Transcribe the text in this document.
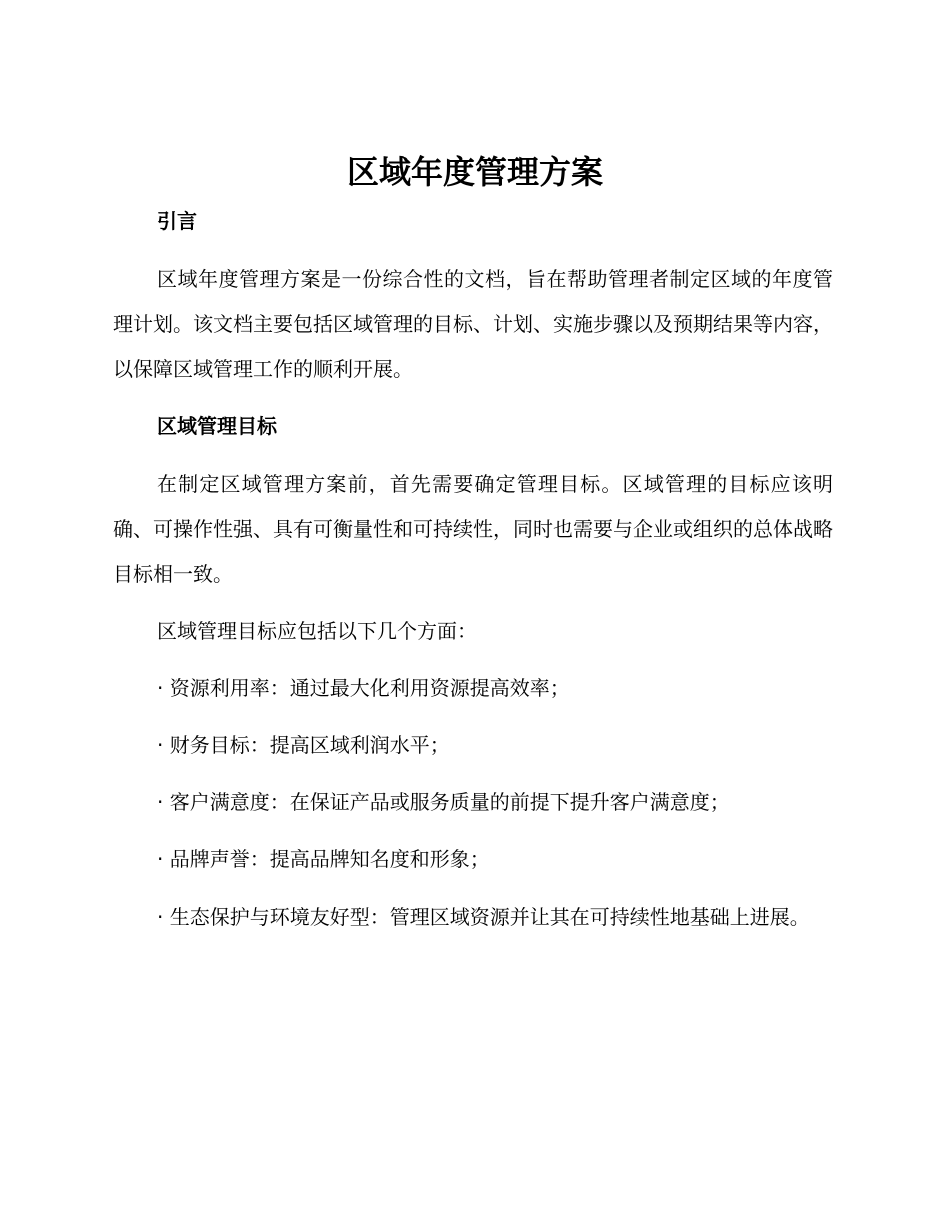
区域年度管理方案
引言

区域年度管理方案是一份综合性的文档，旨在帮助管理者制定区域的年度管理计划。该文档主要包括区域管理的目标、计划、实施步骤以及预期结果等内容，以保障区域管理工作的顺利开展。

区域管理目标

在制定区域管理方案前，首先需要确定管理目标。区域管理的目标应该明确、可操作性强、具有可衡量性和可持续性，同时也需要与企业或组织的总体战略目标相一致。

区域管理目标应包括以下几个方面：

· 资源利用率：通过最大化利用资源提高效率；

· 财务目标：提高区域利润水平；

· 客户满意度：在保证产品或服务质量的前提下提升客户满意度；

· 品牌声誉：提高品牌知名度和形象；

· 生态保护与环境友好型：管理区域资源并让其在可持续性地基础上进展。
